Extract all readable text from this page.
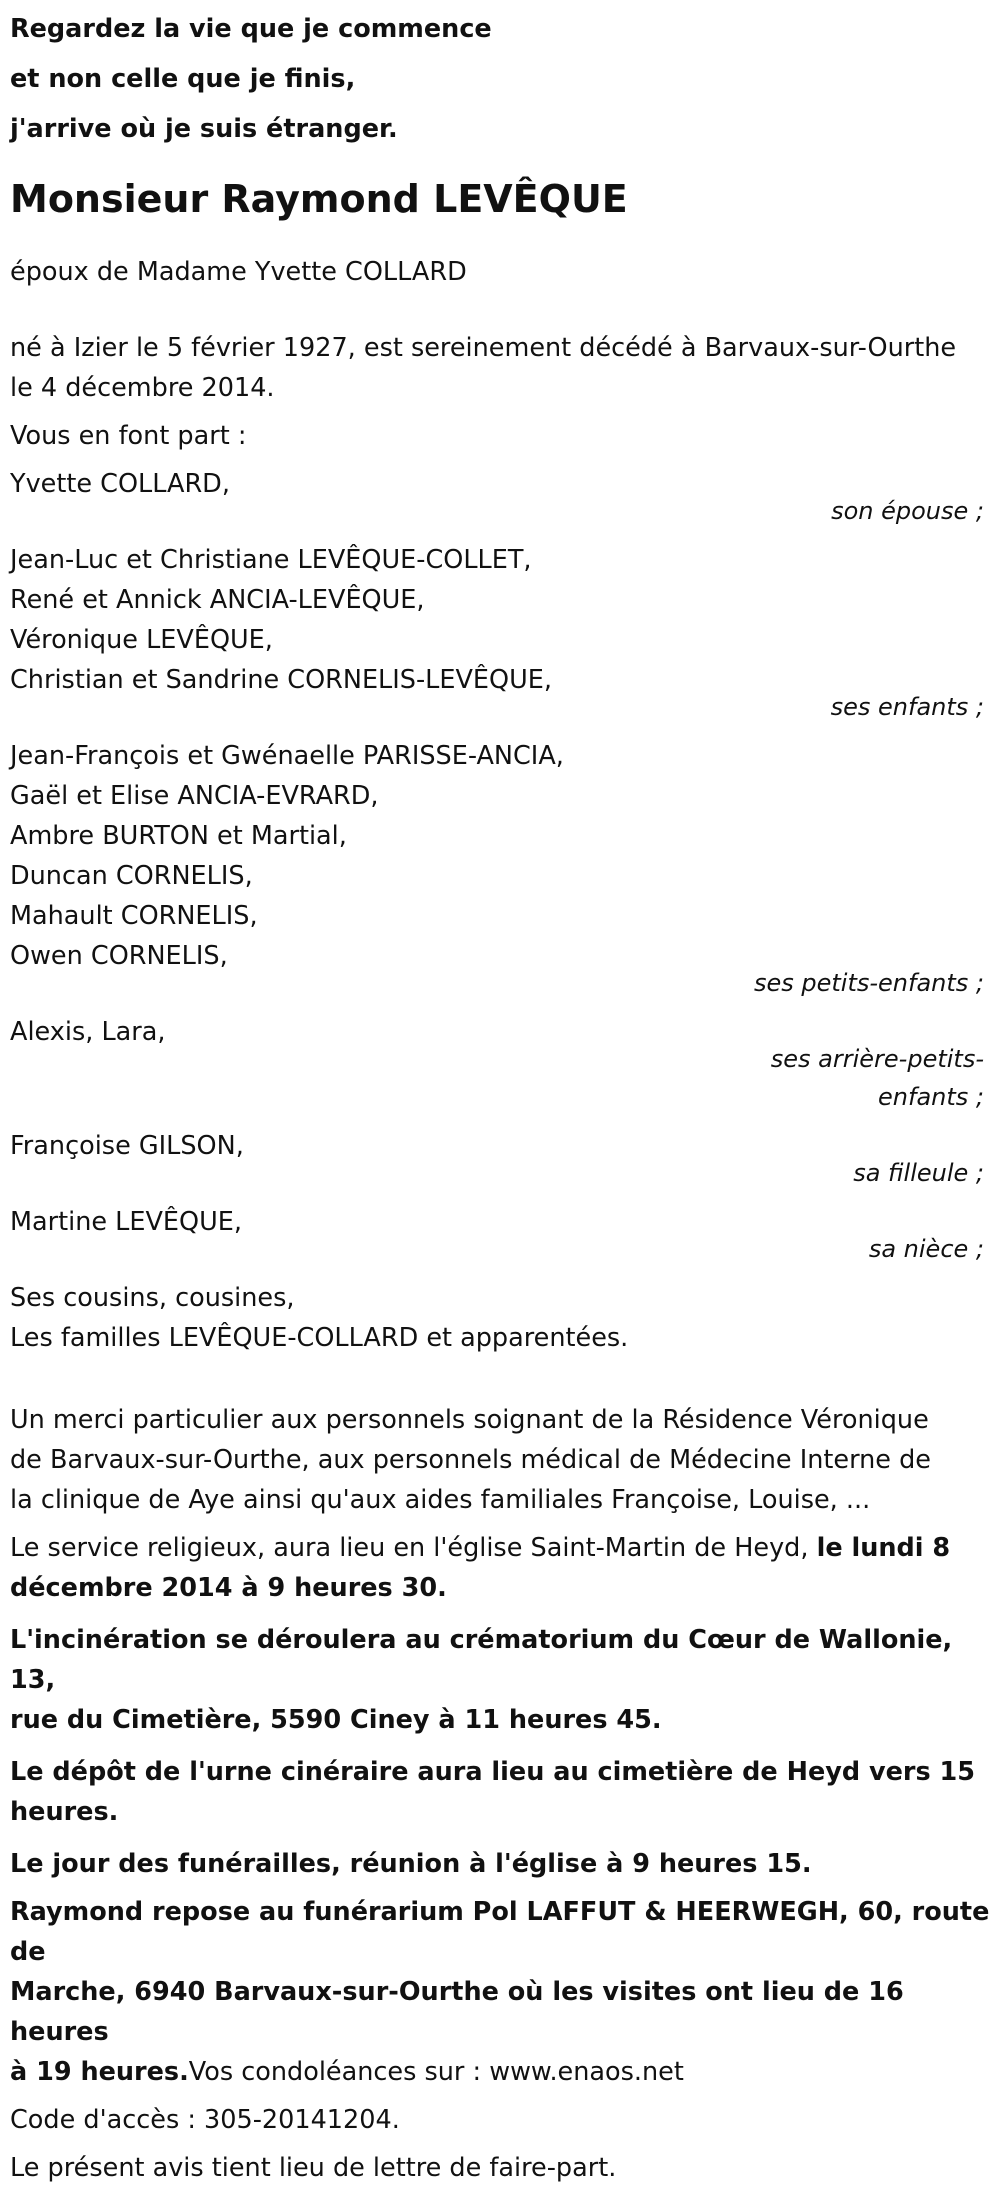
Regardez la vie que je commence
et non celle que je finis,
j'arrive où je suis étranger.
Monsieur Raymond LEVÊQUE
époux de Madame Yvette COLLARD
né à Izier le 5 février 1927, est sereinement décédé à Barvaux-sur-Ourthe
le 4 décembre 2014.
Vous en font part :
Yvette COLLARD,
son épouse ;
Jean-Luc et Christiane LEVÊQUE-COLLET,
René et Annick ANCIA-LEVÊQUE,
Véronique LEVÊQUE,
Christian et Sandrine CORNELIS-LEVÊQUE,
ses enfants ;
Jean-François et Gwénaelle PARISSE-ANCIA,
Gaël et Elise ANCIA-EVRARD,
Ambre BURTON et Martial,
Duncan CORNELIS,
Mahault CORNELIS,
Owen CORNELIS,
ses petits-enfants ;
Alexis, Lara,
ses arrière-petits-enfants ;
Françoise GILSON,
sa filleule ;
Martine LEVÊQUE,
sa nièce ;
Ses cousins, cousines,
Les familles LEVÊQUE-COLLARD et apparentées.
Un merci particulier aux personnels soignant de la Résidence Véronique
de Barvaux-sur-Ourthe, aux personnels médical de Médecine Interne de
la clinique de Aye ainsi qu'aux aides familiales Françoise, Louise, ...
Le service religieux, aura lieu en l'église Saint-Martin de Heyd, le lundi 8
décembre 2014 à 9 heures 30.
L'incinération se déroulera au crématorium du Cœur de Wallonie, 13,
rue du Cimetière, 5590 Ciney à 11 heures 45.
Le dépôt de l'urne cinéraire aura lieu au cimetière de Heyd vers 15
heures.
Le jour des funérailles, réunion à l'église à 9 heures 15.
Raymond repose au funérarium Pol LAFFUT & HEERWEGH, 60, route de
Marche, 6940 Barvaux-sur-Ourthe où les visites ont lieu de 16 heures
à 19 heures.Vos condoléances sur : www.enaos.net
Code d'accès : 305-20141204.
Le présent avis tient lieu de lettre de faire-part.
